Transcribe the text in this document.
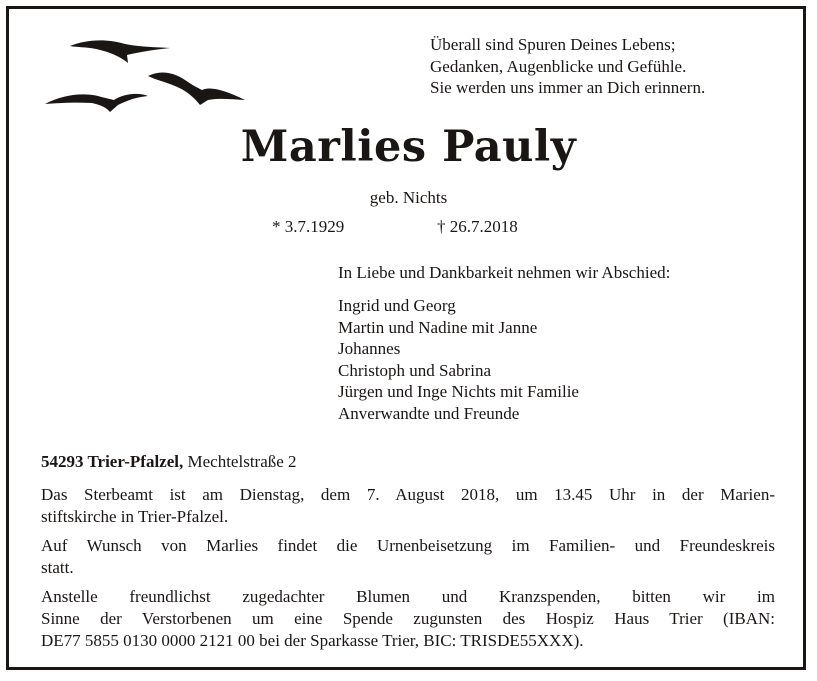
Überall sind Spuren Deines Lebens;
Gedanken, Augenblicke und Gefühle.
Sie werden uns immer an Dich erinnern.
Marlies Pauly
geb. Nichts
* 3.7.1929	† 26.7.2018
In Liebe und Dankbarkeit nehmen wir Abschied:
Ingrid und Georg
Martin und Nadine mit Janne
Johannes
Christoph und Sabrina
Jürgen und Inge Nichts mit Familie
Anverwandte und Freunde
54293 Trier-Pfalzel, Mechtelstraße 2
Das Sterbeamt ist am Dienstag, dem 7. August 2018, um 13.45 Uhr in der Marien-
stiftskirche in Trier-Pfalzel.
Auf Wunsch von Marlies findet die Urnenbeisetzung im Familien- und Freundeskreis
statt.
Anstelle freundlichst zugedachter Blumen und Kranzspenden, bitten wir im
Sinne der Verstorbenen um eine Spende zugunsten des Hospiz Haus Trier (IBAN:
DE77 5855 0130 0000 2121 00 bei der Sparkasse Trier, BIC: TRISDE55XXX).
